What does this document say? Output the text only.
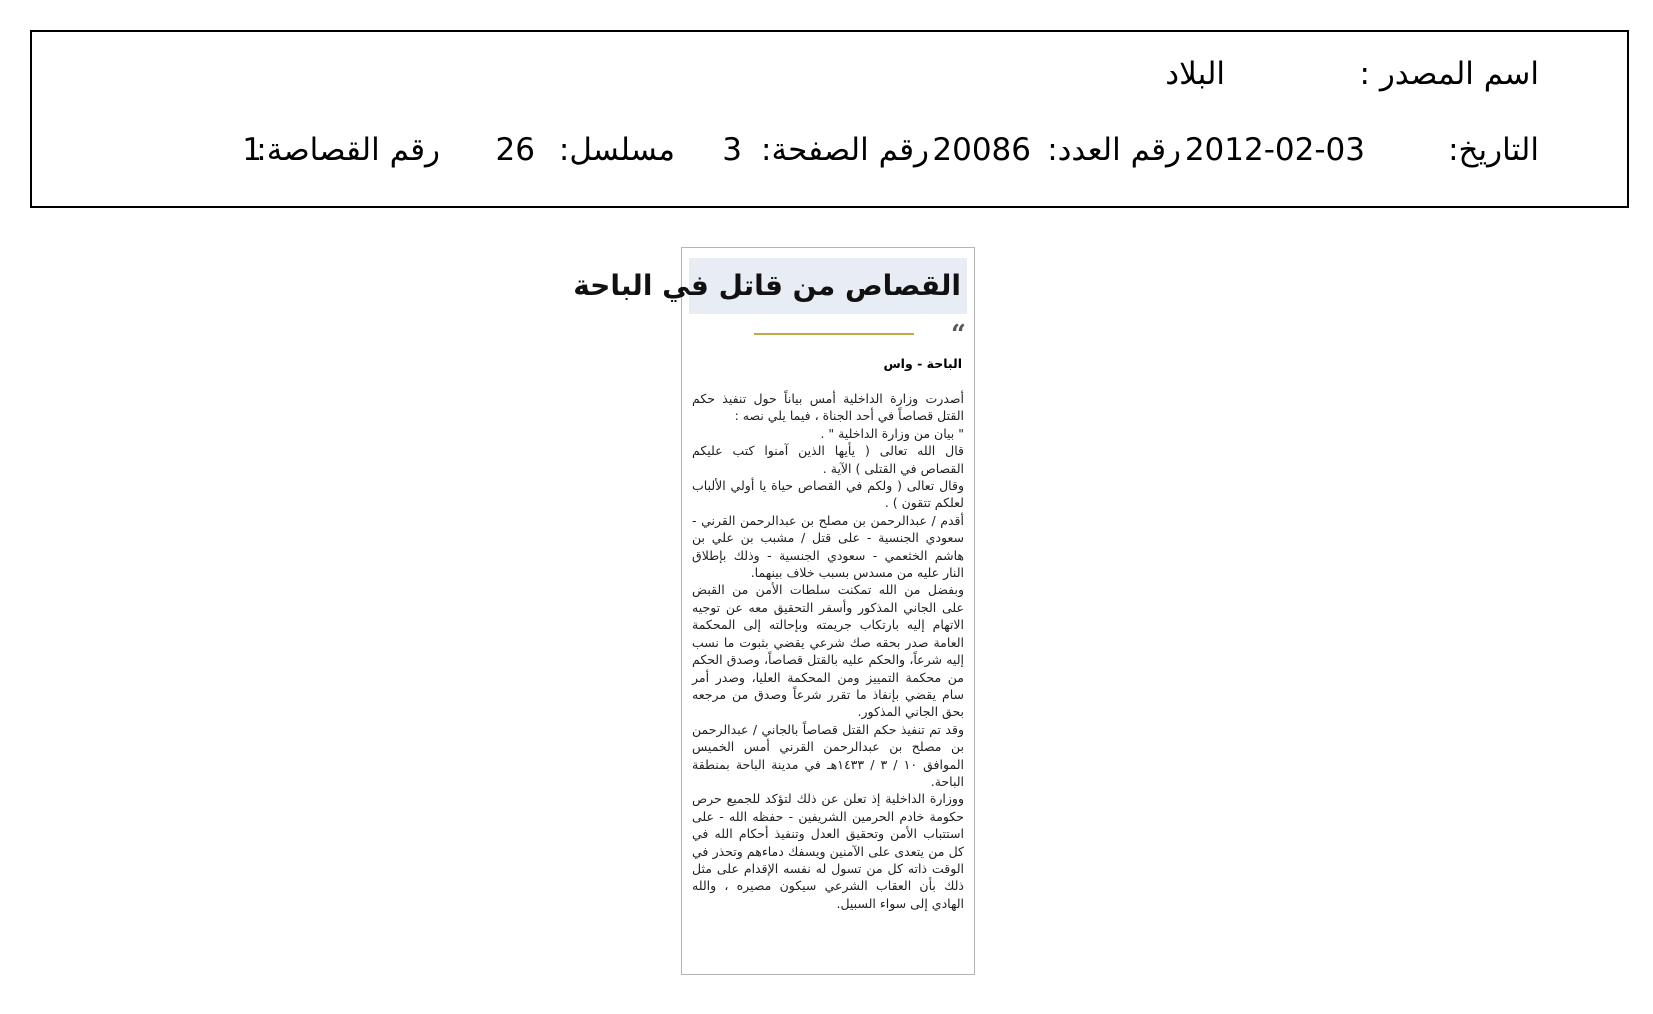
اسم المصدر :
البلاد
التاريخ:
2012-02-03
رقم العدد:
20086
رقم الصفحة:
3
مسلسل:
26
رقم القصاصة:
1
القصاص من قاتل في الباحة
“
الباحة - واس

أصدرت وزارة الداخلية أمس بياناً حول تنفيذ حكم القتل قصاصاً في أحد الجناة ، فيما يلي نصه :

" بيان من وزارة الداخلية " .

قال الله تعالى ( يأيها الذين آمنوا كتب عليكم القصاص في القتلى ) الآية .

وقال تعالى ( ولكم في القصاص حياة يا أولي الألباب لعلكم تتقون ) .

أقدم / عبدالرحمن بن مصلح بن عبدالرحمن القرني - سعودي الجنسية - على قتل / مشبب بن علي بن هاشم الخثعمي - سعودي الجنسية - وذلك بإطلاق النار عليه من مسدس بسبب خلاف بينهما.

وبفضل من الله تمكنت سلطات الأمن من القبض على الجاني المذكور وأسفر التحقيق معه عن توجيه الاتهام إليه بارتكاب جريمته وبإحالته إلى المحكمة العامة صدر بحقه صك شرعي يقضي بثبوت ما نسب إليه شرعاً، والحكم عليه بالقتل قصاصاً، وصدق الحكم من محكمة التمييز ومن المحكمة العليا، وصدر أمر سام يقضي بإنفاذ ما تقرر شرعاً وصدق من مرجعه بحق الجاني المذكور.

وقد تم تنفيذ حكم القتل قصاصاً بالجاني / عبدالرحمن بن مصلح بن عبدالرحمن القرني أمس الخميس الموافق ١٠ / ٣ / ١٤٣٣هـ في مدينة الباحة بمنطقة الباحة.

ووزارة الداخلية إذ تعلن عن ذلك لتؤكد للجميع حرص حكومة خادم الحرمين الشريفين - حفظه الله - على استتباب الأمن وتحقيق العدل وتنفيذ أحكام الله في كل من يتعدى على الآمنين ويسفك دماءهم وتحذر في الوقت ذاته كل من تسول له نفسه الإقدام على مثل ذلك بأن العقاب الشرعي سيكون مصيره ، والله الهادي إلى سواء السبيل.
